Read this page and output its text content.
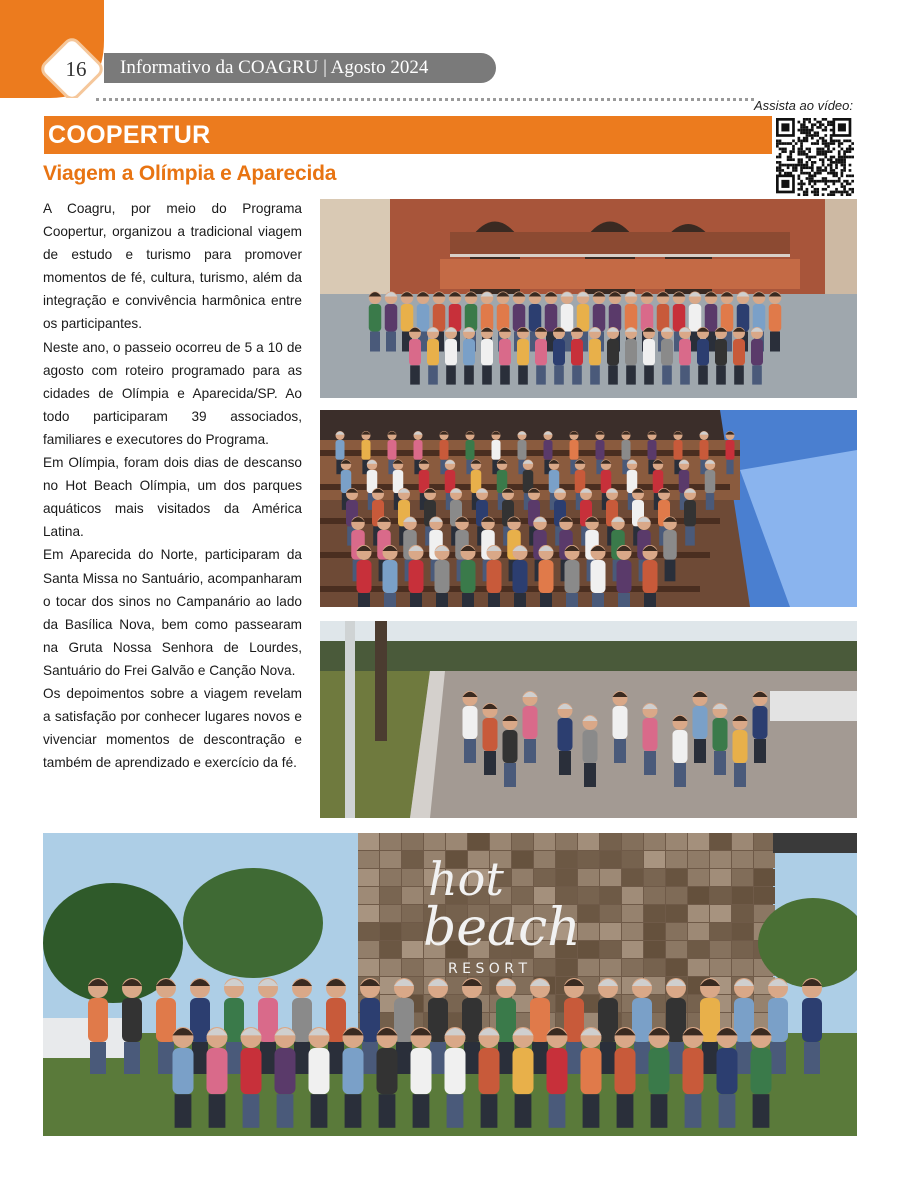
16	Informativo da COAGRU | Agosto 2024
Assista ao vídeo:
COOPERTUR
Viagem a Olímpia e Aparecida

A Coagru, por meio do Programa Coopertur, organizou a tradicional viagem de estudo e turismo para promover momentos de fé, cultura, turismo, além da integração e convivência harmônica entre os participantes.

Neste ano, o passeio ocorreu de 5 a 10 de agosto com roteiro programado para as cidades de Olímpia e Aparecida/SP. Ao todo participaram 39 associados, familiares e executores do Programa.

Em Olímpia, foram dois dias de descanso no Hot Beach Olímpia, um dos parques aquáticos mais visitados da América Latina.

Em Aparecida do Norte, participaram da Santa Missa no Santuário, acompanharam o tocar dos sinos no Campanário ao lado da Basílica Nova, bem como passearam na Gruta Nossa Senhora de Lourdes, Santuário do Frei Galvão e Canção Nova.

Os depoimentos sobre a viagem revelam a satisfação por conhecer lugares novos e vivenciar momentos de descontração e também de aprendizado e exercício da fé.

hot
beach
R E S O R T
